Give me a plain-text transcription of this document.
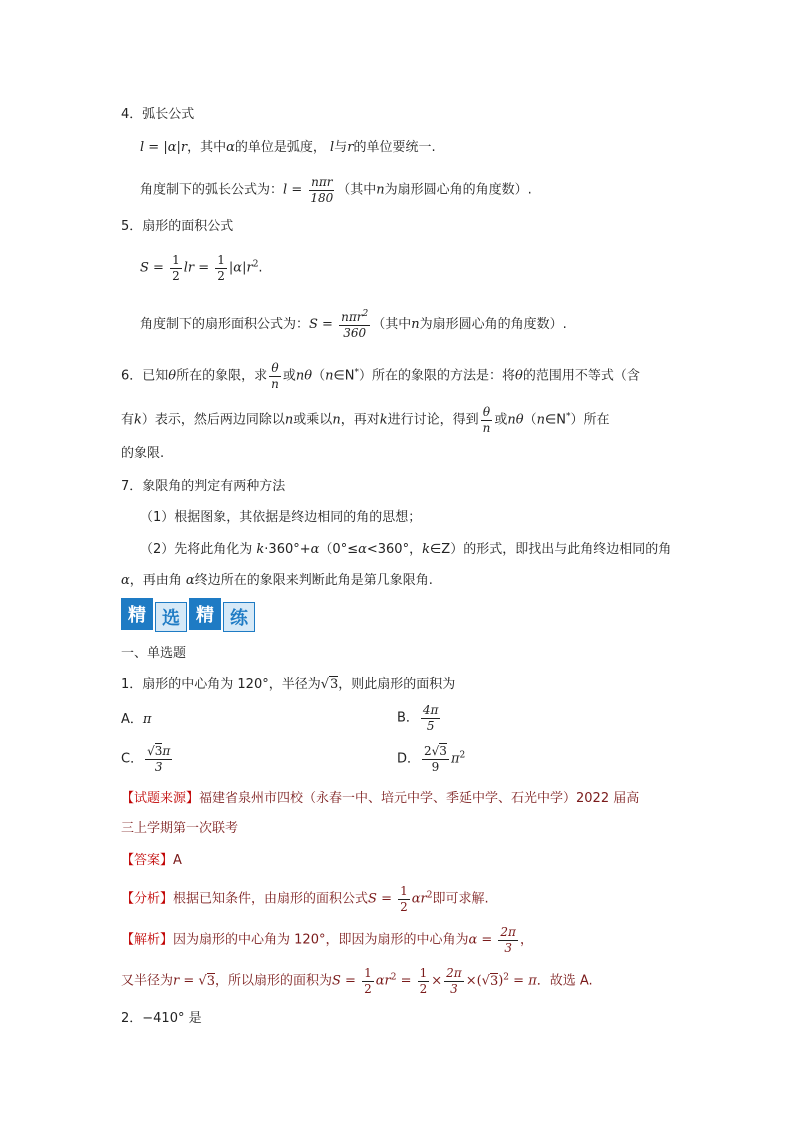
4．弧长公式
l = |α|r，其中α的单位是弧度， l与r的单位要统一.
角度制下的弧长公式为：$l = \frac{\text{nπr}}{180}$ （其中n为扇形圆心角的角度数）.
5．扇形的面积公式
$S = \frac{1}{2}$ lr = $\frac{1}{2} |\alpha|r^2$.
角度制下的扇形面积公式为：$S = \frac{n\pi r^2}{360}$ （其中n为扇形圆心角的角度数）.
6．已知θ所在的象限，求 $\frac{\theta}{n}$ 或nθ（n∈N*）所在的象限的方法是：将θ的范围用不等式（含
有k）表示，然后两边同除以n或乘以n，再对k进行讨论，得到 $\frac{\theta}{n}$ 或nθ（n∈N*）所在
的象限.
7．象限角的判定有两种方法
（1）根据图象，其依据是终边相同的角的思想；
（2）先将此角化为 k·360°+α（0°≤α<360°，k∈Z）的形式，即找出与此角终边相同的角
α，再由角 α终边所在的象限来判断此角是第几象限角.
精 选 精 练
一、单选题
1．扇形的中心角为 120°，半径为√3，则此扇形的面积为
A．π	B． $\frac{4\pi}{5}$
C． $\frac{√3\pi}{3}$	D． $\frac{2√3}{9} \pi^2$
【试题来源】福建省泉州市四校（永春一中、培元中学、季延中学、石光中学）2022 届高
三上学期第一次联考
【答案】A
【分析】根据已知条件，由扇形的面积公式$S = \frac{1}{2} \alpha r^2$即可求解.
【解析】因为扇形的中心角为 120°，即因为扇形的中心角为$\alpha = \frac{2\pi}{3}$ ，
又半径为r = √3，所以扇形的面积为$S = \frac{1}{2} \alpha r^2 = \frac{1}{2} \times \frac{2\pi}{3} \times(√3)^2 = \pi$．故选 A.
2．−410° 是
